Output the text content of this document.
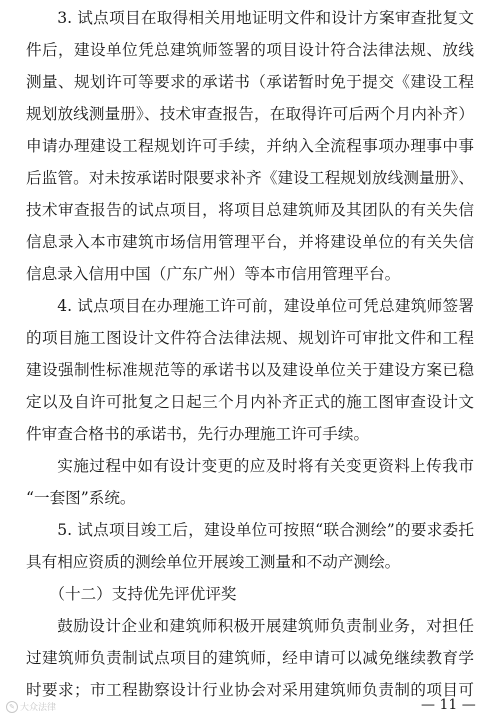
3. 试点项目在取得相关用地证明文件和设计方案审查批复文
件后，建设单位凭总建筑师签署的项目设计符合法律法规、放线
测量、规划许可等要求的承诺书（承诺暂时免于提交《建设工程
规划放线测量册》、技术审查报告，在取得许可后两个月内补齐）
申请办理建设工程规划许可手续，并纳入全流程事项办理事中事
后监管。对未按承诺时限要求补齐《建设工程规划放线测量册》、
技术审查报告的试点项目，将项目总建筑师及其团队的有关失信
信息录入本市建筑市场信用管理平台，并将建设单位的有关失信
信息录入信用中国（广东广州）等本市信用管理平台。
4. 试点项目在办理施工许可前，建设单位可凭总建筑师签署
的项目施工图设计文件符合法律法规、规划许可审批文件和工程
建设强制性标准规范等的承诺书以及建设单位关于建设方案已稳
定以及自许可批复之日起三个月内补齐正式的施工图审查设计文
件审查合格书的承诺书，先行办理施工许可手续。
实施过程中如有设计变更的应及时将有关变更资料上传我市
“一套图”系统。
5. 试点项目竣工后，建设单位可按照“联合测绘”的要求委托
具有相应资质的测绘单位开展竣工测量和不动产测绘。
（十二）支持优先评优评奖
鼓励设计企业和建筑师积极开展建筑师负责制业务，对担任
过建筑师负责制试点项目的建筑师，经申请可以减免继续教育学
时要求；市工程勘察设计行业协会对采用建筑师负责制的项目可
✎ 大众法律	— 11 —
